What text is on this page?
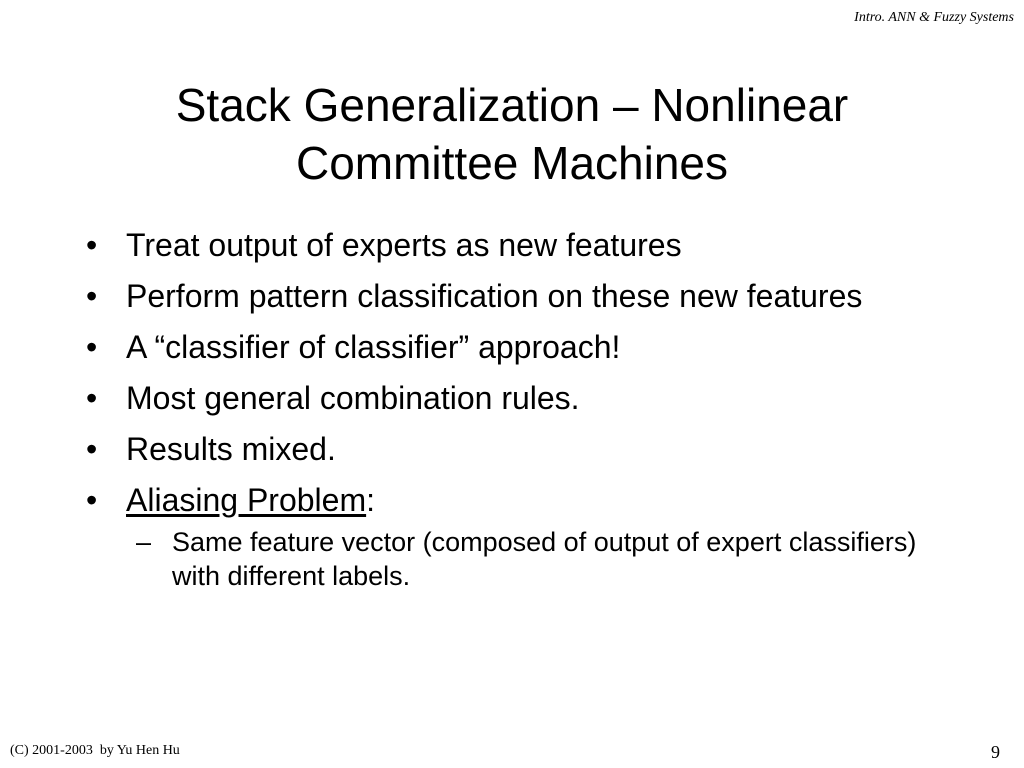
Intro. ANN & Fuzzy Systems
Stack Generalization – Nonlinear
Committee Machines
• Treat output of experts as new features
• Perform pattern classification on these new features
• A “classifier of classifier” approach!
• Most general combination rules.
• Results mixed.
• Aliasing Problem:
– Same feature vector (composed of output of expert classifiers) with different labels.
(C) 2001-2003  by Yu Hen Hu	9
